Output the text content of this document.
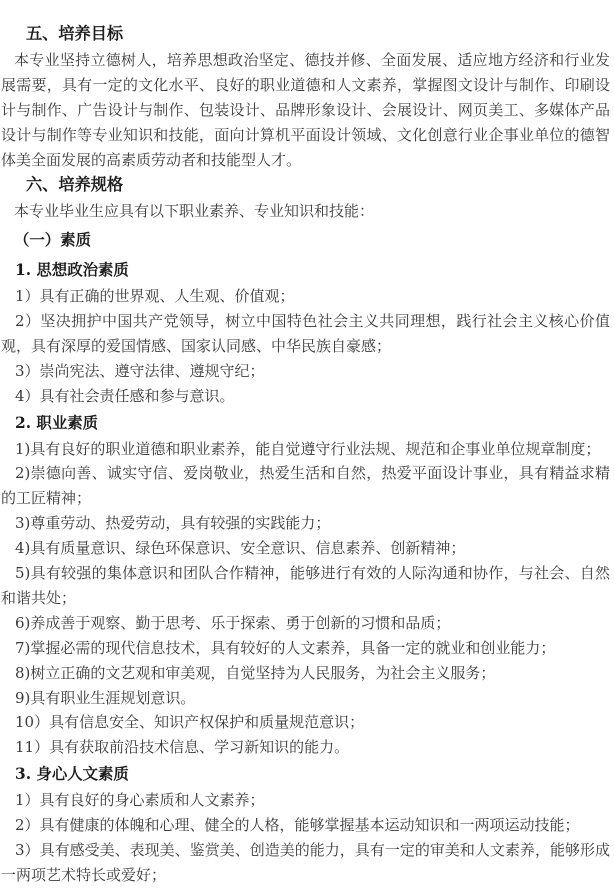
五、培养目标

本专业坚持立德树人，培养思想政治坚定、德技并修、全面发展、适应地方经济和行业发展需要，具有一定的文化水平、良好的职业道德和人文素养，掌握图文设计与制作、印刷设计与制作、广告设计与制作、包装设计、品牌形象设计、会展设计、网页美工、多媒体产品设计与制作等专业知识和技能，面向计算机平面设计领域、文化创意行业企事业单位的德智体美全面发展的高素质劳动者和技能型人才。

六、培养规格

本专业毕业生应具有以下职业素养、专业知识和技能：

（一）素质
1. 思想政治素质

1）具有正确的世界观、人生观、价值观；

2）坚决拥护中国共产党领导，树立中国特色社会主义共同理想，践行社会主义核心价值观，具有深厚的爱国情感、国家认同感、中华民族自豪感；

3）崇尚宪法、遵守法律、遵规守纪；

4）具有社会责任感和参与意识。

2. 职业素质

1)具有良好的职业道德和职业素养，能自觉遵守行业法规、规范和企事业单位规章制度；

2)崇德向善、诚实守信、爱岗敬业，热爱生活和自然，热爱平面设计事业，具有精益求精的工匠精神；

3)尊重劳动、热爱劳动，具有较强的实践能力；

4)具有质量意识、绿色环保意识、安全意识、信息素养、创新精神；

5)具有较强的集体意识和团队合作精神，能够进行有效的人际沟通和协作，与社会、自然和谐共处；

6)养成善于观察、勤于思考、乐于探索、勇于创新的习惯和品质；

7)掌握必需的现代信息技术，具有较好的人文素养，具备一定的就业和创业能力；

8)树立正确的文艺观和审美观，自觉坚持为人民服务，为社会主义服务；

9)具有职业生涯规划意识。

10）具有信息安全、知识产权保护和质量规范意识；

11）具有获取前沿技术信息、学习新知识的能力。

3. 身心人文素质

1）具有良好的身心素质和人文素养；

2）具有健康的体魄和心理、健全的人格，能够掌握基本运动知识和一两项运动技能；

3）具有感受美、表现美、鉴赏美、创造美的能力，具有一定的审美和人文素养，能够形成一两项艺术特长或爱好；
